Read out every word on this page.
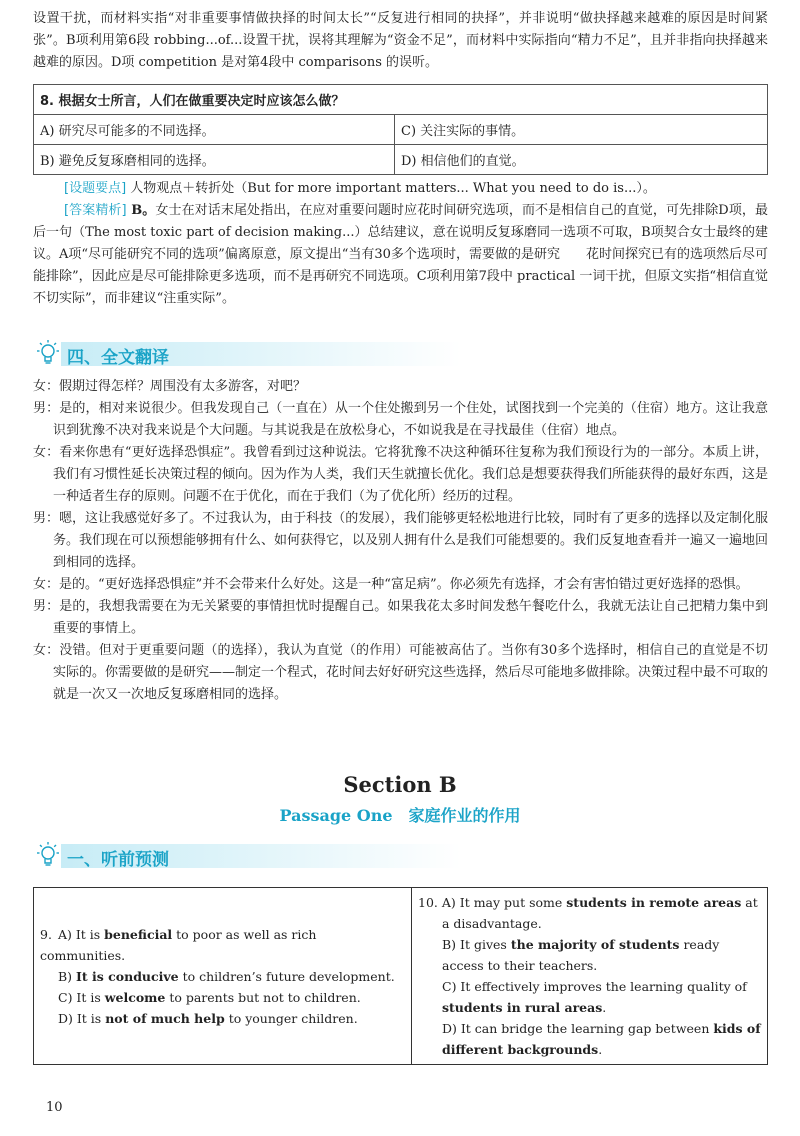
设置干扰，而材料实指“对非重要事情做抉择的时间太长”“反复进行相同的抉择”，并非说明“做抉择越来越难的原因是时间紧张”。B项利用第6段 robbing...of...设置干扰，误将其理解为“资金不足”，而材料中实际指向“精力不足”，且并非指向抉择越来越难的原因。D项 competition 是对第4段中 comparisons 的误听。
8. 根据女士所言，人们在做重要决定时应该怎么做？	
A) 研究尽可能多的不同选择。	C) 关注实际的事情。
B) 避免反复琢磨相同的选择。	D) 相信他们的直觉。
[设题要点] 人物观点＋转折处（But for more important matters... What you need to do is...）。
[答案精析] B。女士在对话末尾处指出，在应对重要问题时应花时间研究选项，而不是相信自己的直觉，可先排除D项，最后一句（The most toxic part of decision making...）总结建议，意在说明反复琢磨同一选项不可取，B项契合女士最终的建议。A项“尽可能研究不同的选项”偏离原意，原文提出“当有30多个选项时，需要做的是研究　　花时间探究已有的选项然后尽可能排除”，因此应是尽可能排除更多选项，而不是再研究不同选项。C项利用第7段中 practical 一词干扰，但原文实指“相信直觉不切实际”，而非建议“注重实际”。
四、全文翻译
女：假期过得怎样？周围没有太多游客，对吧？
男：是的，相对来说很少。但我发现自己（一直在）从一个住处搬到另一个住处，试图找到一个完美的（住宿）地方。这让我意识到犹豫不决对我来说是个大问题。与其说我是在放松身心，不如说我是在寻找最佳（住宿）地点。
女：看来你患有“更好选择恐惧症”。我曾看到过这种说法。它将犹豫不决这种循环往复称为我们预设行为的一部分。本质上讲，我们有习惯性延长决策过程的倾向。因为作为人类，我们天生就擅长优化。我们总是想要获得我们所能获得的最好东西，这是一种适者生存的原则。问题不在于优化，而在于我们（为了优化所）经历的过程。
男：嗯，这让我感觉好多了。不过我认为，由于科技（的发展），我们能够更轻松地进行比较，同时有了更多的选择以及定制化服务。我们现在可以预想能够拥有什么、如何获得它，以及别人拥有什么是我们可能想要的。我们反复地查看并一遍又一遍地回到相同的选择。
女：是的。“更好选择恐惧症”并不会带来什么好处。这是一种“富足病”。你必须先有选择，才会有害怕错过更好选择的恐惧。
男：是的，我想我需要在为无关紧要的事情担忧时提醒自己。如果我花太多时间发愁午餐吃什么，我就无法让自己把精力集中到重要的事情上。
女：没错。但对于更重要问题（的选择），我认为直觉（的作用）可能被高估了。当你有30多个选择时，相信自己的直觉是不切实际的。你需要做的是研究——制定一个程式，花时间去好好研究这些选择，然后尽可能地多做排除。决策过程中最不可取的就是一次又一次地反复琢磨相同的选择。
Section B
Passage One　家庭作业的作用
一、听前预测
9. A) It is beneficial to poor as well as rich communities.
B) It is conducive to children’s future development.
C) It is welcome to parents but not to children.
D) It is not of much help to younger children.

10. A) It may put some students in remote areas at a disadvantage.
B) It gives the majority of students ready access to their teachers.
C) It effectively improves the learning quality of students in rural areas.
D) It can bridge the learning gap between kids of different backgrounds.
10
